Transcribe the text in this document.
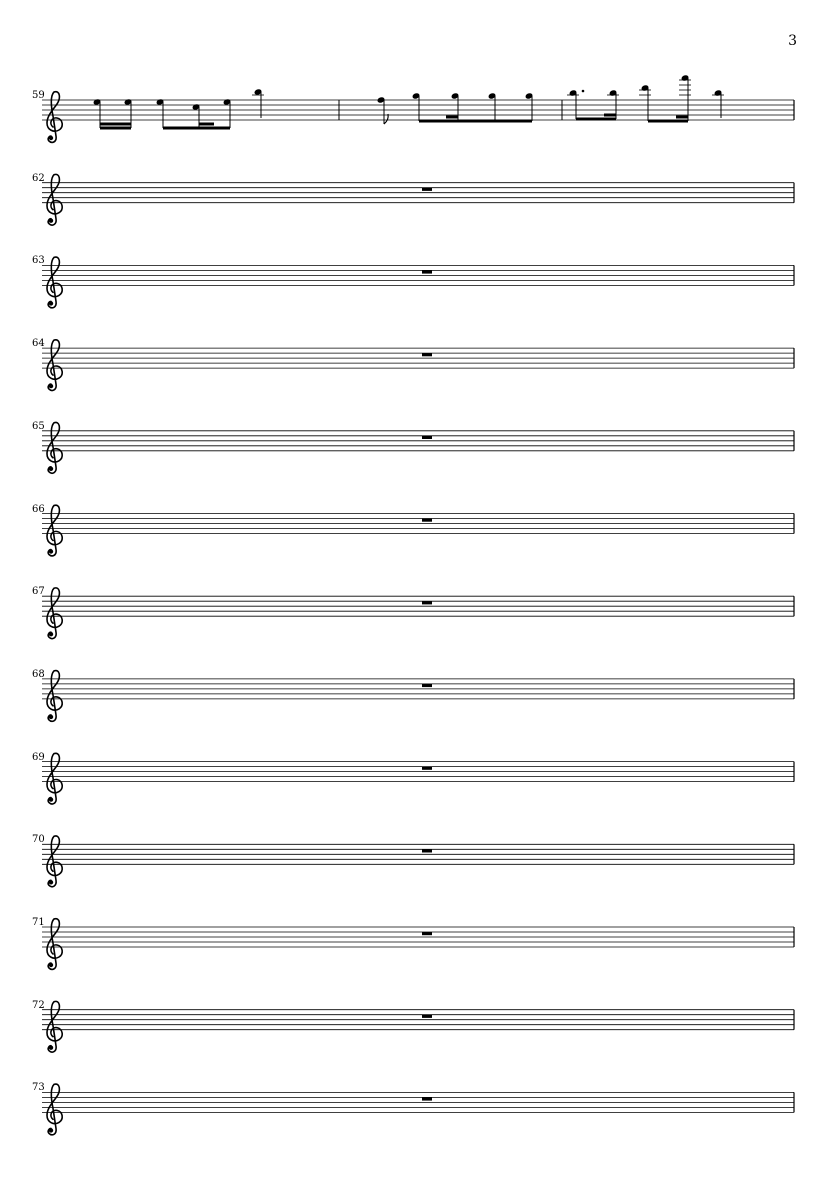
3
59
62
63
64
65
66
67
68
69
70
71
72
73
